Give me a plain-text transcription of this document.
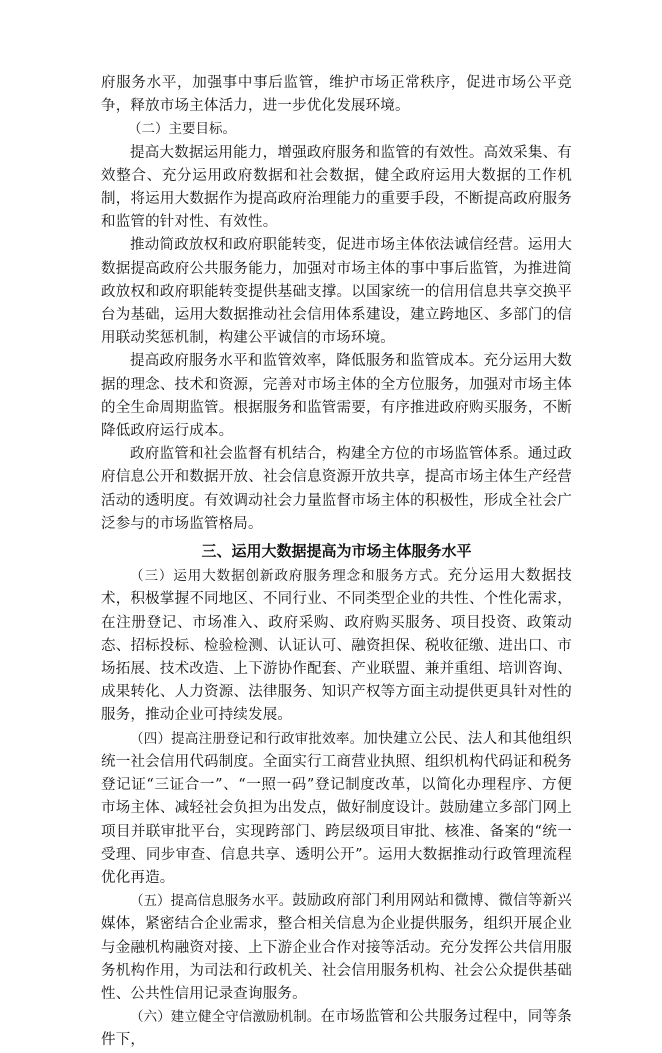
府服务水平，加强事中事后监管，维护市场正常秩序，促进市场公平竞争，释放市场主体活力，进一步优化发展环境。

（二）主要目标。

提高大数据运用能力，增强政府服务和监管的有效性。高效采集、有效整合、充分运用政府数据和社会数据，健全政府运用大数据的工作机制，将运用大数据作为提高政府治理能力的重要手段，不断提高政府服务和监管的针对性、有效性。

推动简政放权和政府职能转变，促进市场主体依法诚信经营。运用大数据提高政府公共服务能力，加强对市场主体的事中事后监管，为推进简政放权和政府职能转变提供基础支撑。以国家统一的信用信息共享交换平台为基础，运用大数据推动社会信用体系建设，建立跨地区、多部门的信用联动奖惩机制，构建公平诚信的市场环境。

提高政府服务水平和监管效率，降低服务和监管成本。充分运用大数据的理念、技术和资源，完善对市场主体的全方位服务，加强对市场主体的全生命周期监管。根据服务和监管需要，有序推进政府购买服务，不断降低政府运行成本。

政府监管和社会监督有机结合，构建全方位的市场监管体系。通过政府信息公开和数据开放、社会信息资源开放共享，提高市场主体生产经营活动的透明度。有效调动社会力量监督市场主体的积极性，形成全社会广泛参与的市场监管格局。

三、运用大数据提高为市场主体服务水平

（三）运用大数据创新政府服务理念和服务方式。充分运用大数据技术，积极掌握不同地区、不同行业、不同类型企业的共性、个性化需求，在注册登记、市场准入、政府采购、政府购买服务、项目投资、政策动态、招标投标、检验检测、认证认可、融资担保、税收征缴、进出口、市场拓展、技术改造、上下游协作配套、产业联盟、兼并重组、培训咨询、成果转化、人力资源、法律服务、知识产权等方面主动提供更具针对性的服务，推动企业可持续发展。

（四）提高注册登记和行政审批效率。加快建立公民、法人和其他组织统一社会信用代码制度。全面实行工商营业执照、组织机构代码证和税务登记证“三证合一”、“一照一码”登记制度改革，以简化办理程序、方便市场主体、减轻社会负担为出发点，做好制度设计。鼓励建立多部门网上项目并联审批平台，实现跨部门、跨层级项目审批、核准、备案的“统一受理、同步审查、信息共享、透明公开”。运用大数据推动行政管理流程优化再造。

（五）提高信息服务水平。鼓励政府部门利用网站和微博、微信等新兴媒体，紧密结合企业需求，整合相关信息为企业提供服务，组织开展企业与金融机构融资对接、上下游企业合作对接等活动。充分发挥公共信用服务机构作用，为司法和行政机关、社会信用服务机构、社会公众提供基础性、公共性信用记录查询服务。

（六）建立健全守信激励机制。在市场监管和公共服务过程中，同等条件下，
